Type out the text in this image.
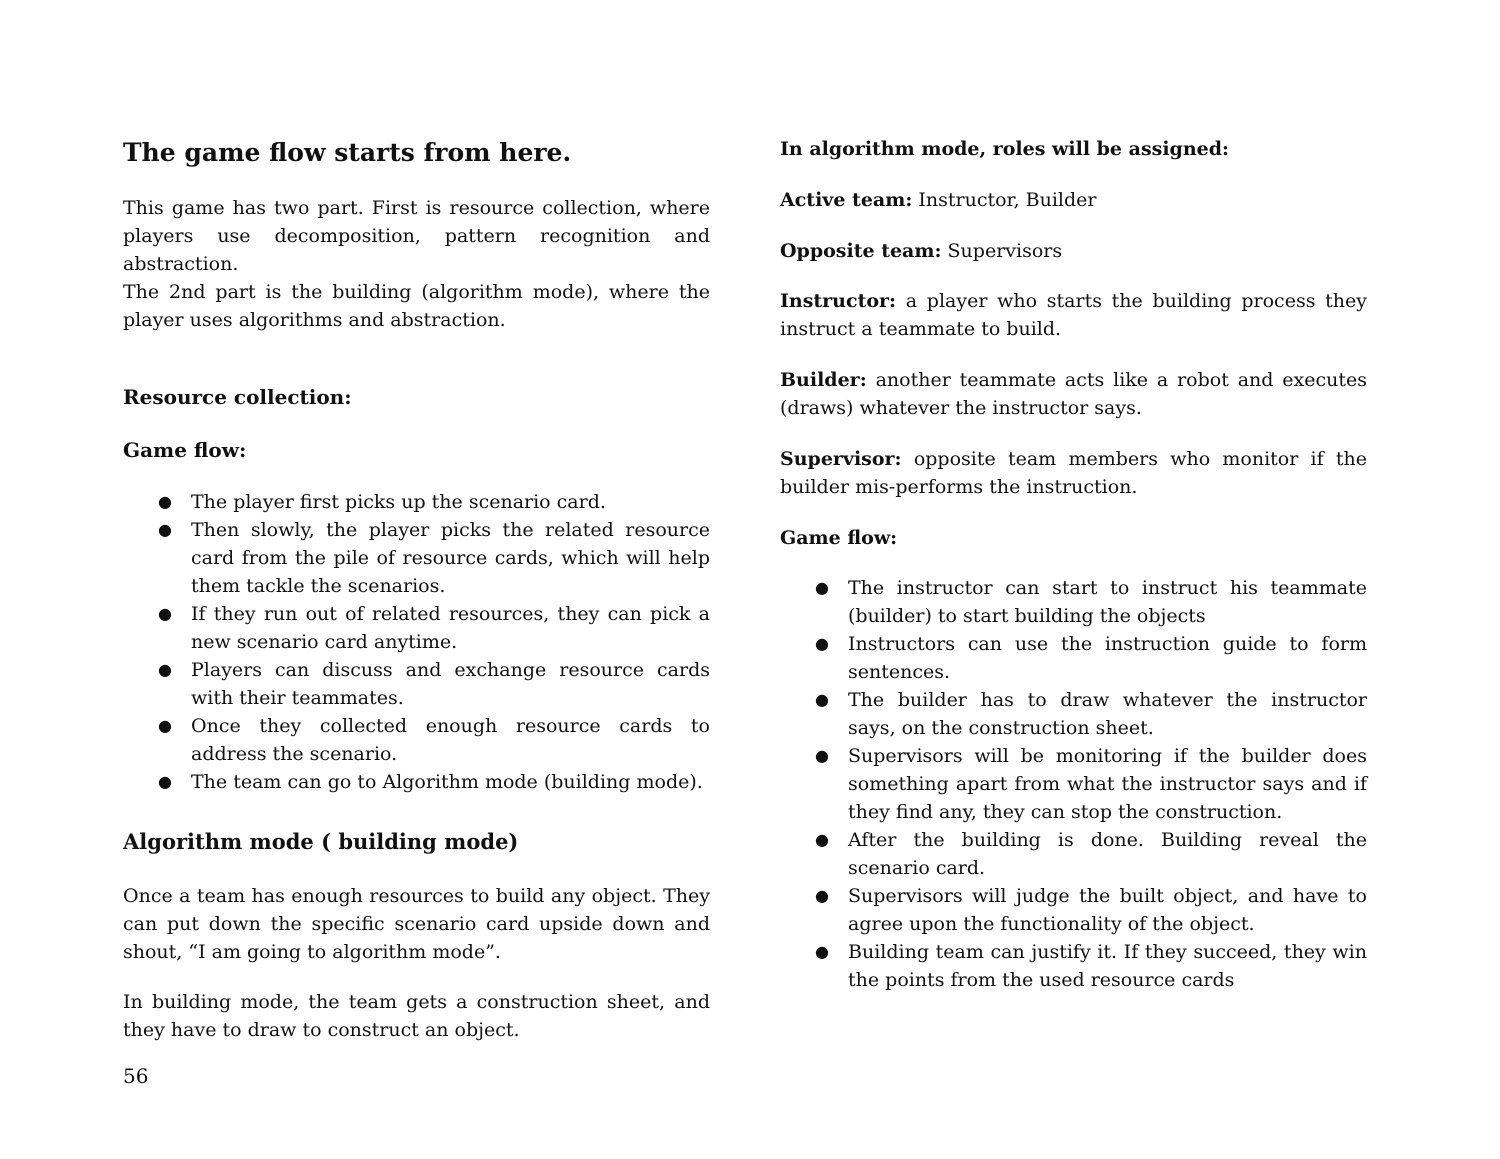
The game flow starts from here.

This game has two part. First is resource collection, where players use decomposition, pattern recognition and abstraction.

The 2nd part is the building (algorithm mode), where the player uses algorithms and abstraction.

Resource collection:
Game flow:
● The player first picks up the scenario card.
● Then slowly, the player picks the related resource card from the pile of resource cards, which will help them tackle the scenarios.
● If they run out of related resources, they can pick a new scenario card anytime.
● Players can discuss and exchange resource cards with their teammates.
● Once they collected enough resource cards to address the scenario.
● The team can go to Algorithm mode (building mode).
Algorithm mode ( building mode)

Once a team has enough resources to build any object. They can put down the specific scenario card upside down and shout, “I am going to algorithm mode”.

In building mode, the team gets a construction sheet, and they have to draw to construct an object.

In algorithm mode, roles will be assigned:

Active team: Instructor, Builder

Opposite team: Supervisors

Instructor: a player who starts the building process they instruct a teammate to build.

Builder: another teammate acts like a robot and executes (draws) whatever the instructor says.

Supervisor: opposite team members who monitor if the builder mis-performs the instruction.

Game flow:

● The instructor can start to instruct his teammate (builder) to start building the objects
● Instructors can use the instruction guide to form sentences.
● The builder has to draw whatever the instructor says, on the construction sheet.
● Supervisors will be monitoring if the builder does something apart from what the instructor says and if they find any, they can stop the construction.
● After the building is done. Building reveal the scenario card.
● Supervisors will judge the built object, and have to agree upon the functionality of the object.
● Building team can justify it. If they succeed, they win the points from the used resource cards
56
